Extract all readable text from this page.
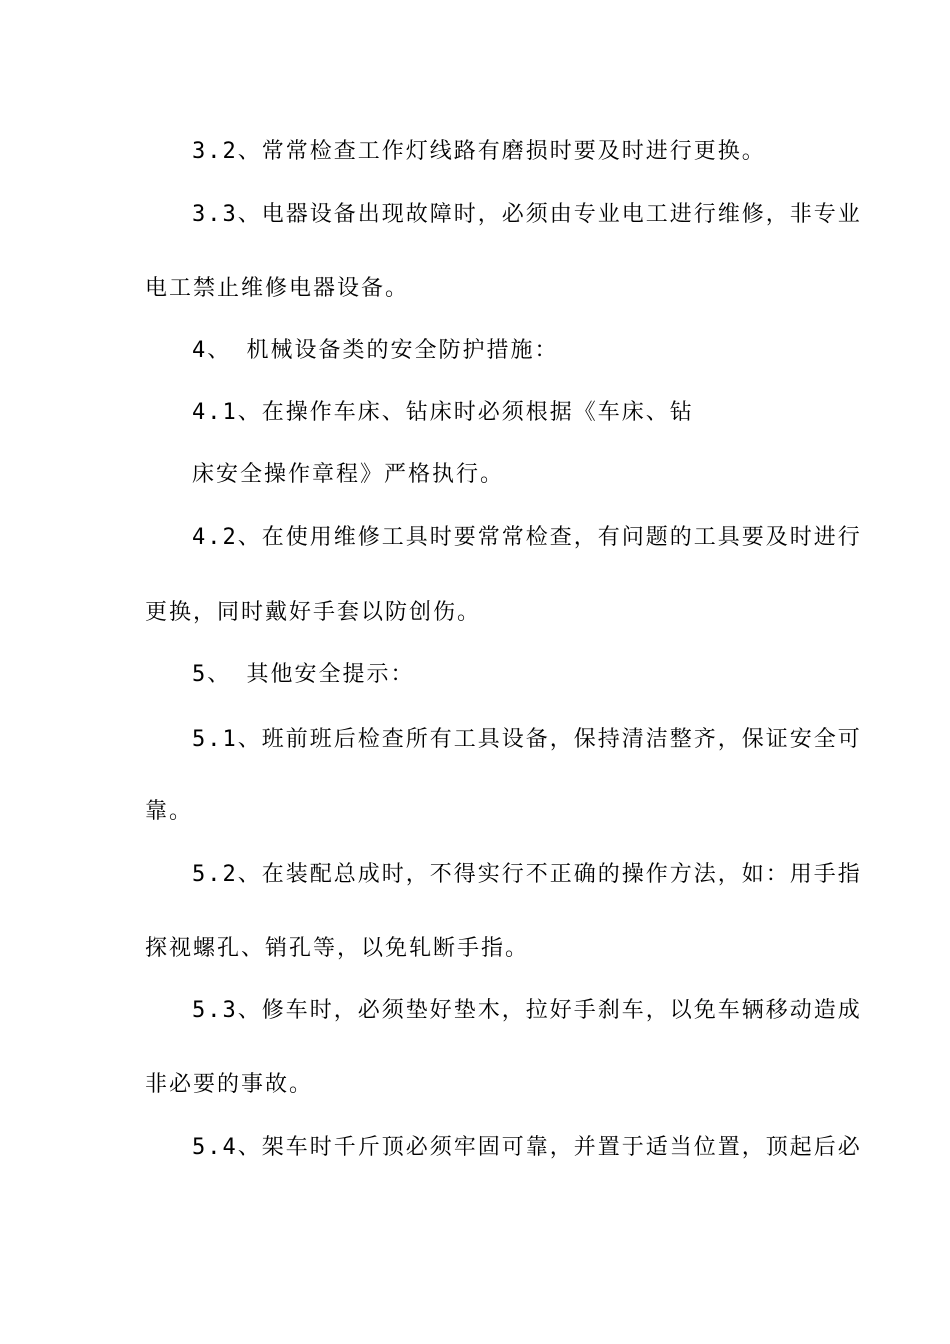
3.2、常常检查工作灯线路有磨损时要及时进行更换。
3.3、电器设备出现故障时，必须由专业电工进行维修，非专业
电工禁止维修电器设备。
4、 机械设备类的安全防护措施：
4.1、在操作车床、钻床时必须根据《车床、钻
床安全操作章程》严格执行。
4.2、在使用维修工具时要常常检查，有问题的工具要及时进行
更换，同时戴好手套以防创伤。
5、 其他安全提示：
5.1、班前班后检查所有工具设备，保持清洁整齐，保证安全可
靠。
5.2、在装配总成时，不得实行不正确的操作方法，如：用手指
探视螺孔、销孔等，以免轧断手指。
5.3、修车时，必须垫好垫木，拉好手刹车，以免车辆移动造成
非必要的事故。
5.4、架车时千斤顶必须牢固可靠，并置于适当位置，顶起后必
